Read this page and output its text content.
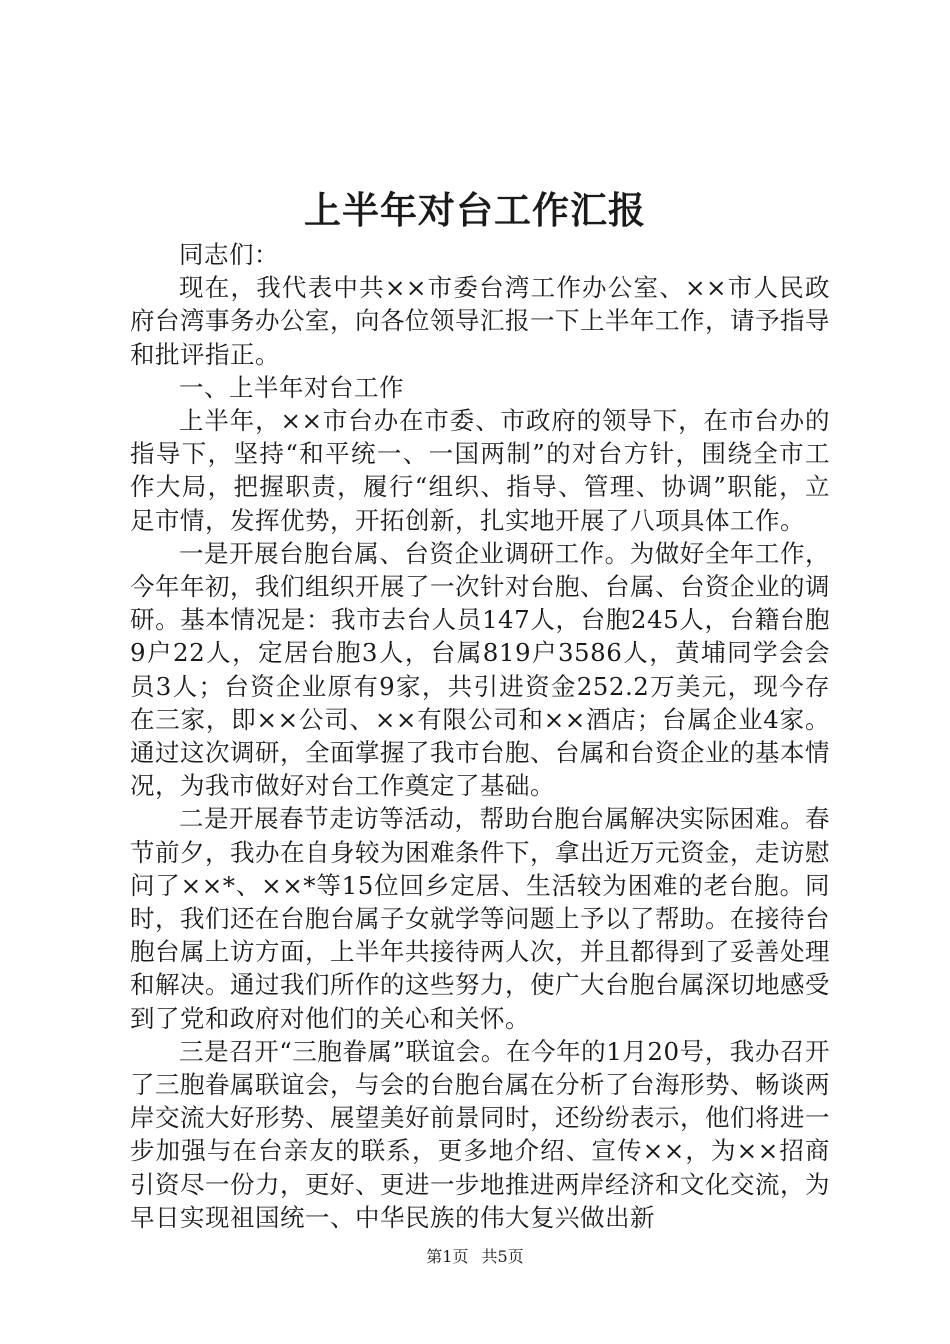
上半年对台工作汇报

同志们：

现在，我代表中共××市委台湾工作办公室、××市人民政府台湾事务办公室，向各位领导汇报一下上半年工作，请予指导和批评指正。

一、上半年对台工作

上半年，××市台办在市委、市政府的领导下，在市台办的指导下，坚持“和平统一、一国两制”的对台方针，围绕全市工作大局，把握职责，履行“组织、指导、管理、协调”职能，立足市情，发挥优势，开拓创新，扎实地开展了八项具体工作。

一是开展台胞台属、台资企业调研工作。为做好全年工作，今年年初，我们组织开展了一次针对台胞、台属、台资企业的调研。基本情况是：我市去台人员147人，台胞245人，台籍台胞9户22人，定居台胞3人，台属819户3586人，黄埔同学会会员3人；台资企业原有9家，共引进资金252.2万美元，现今存在三家，即××公司、××有限公司和××酒店；台属企业4家。通过这次调研，全面掌握了我市台胞、台属和台资企业的基本情况，为我市做好对台工作奠定了基础。

二是开展春节走访等活动，帮助台胞台属解决实际困难。春节前夕，我办在自身较为困难条件下，拿出近万元资金，走访慰问了××*、××*等15位回乡定居、生活较为困难的老台胞。同时，我们还在台胞台属子女就学等问题上予以了帮助。在接待台胞台属上访方面，上半年共接待两人次，并且都得到了妥善处理和解决。通过我们所作的这些努力，使广大台胞台属深切地感受到了党和政府对他们的关心和关怀。

三是召开“三胞眷属”联谊会。在今年的1月20号，我办召开了三胞眷属联谊会，与会的台胞台属在分析了台海形势、畅谈两岸交流大好形势、展望美好前景同时，还纷纷表示，他们将进一步加强与在台亲友的联系，更多地介绍、宣传××，为××招商引资尽一份力，更好、更进一步地推进两岸经济和文化交流，为早日实现祖国统一、中华民族的伟大复兴做出新

第1页 共5页
